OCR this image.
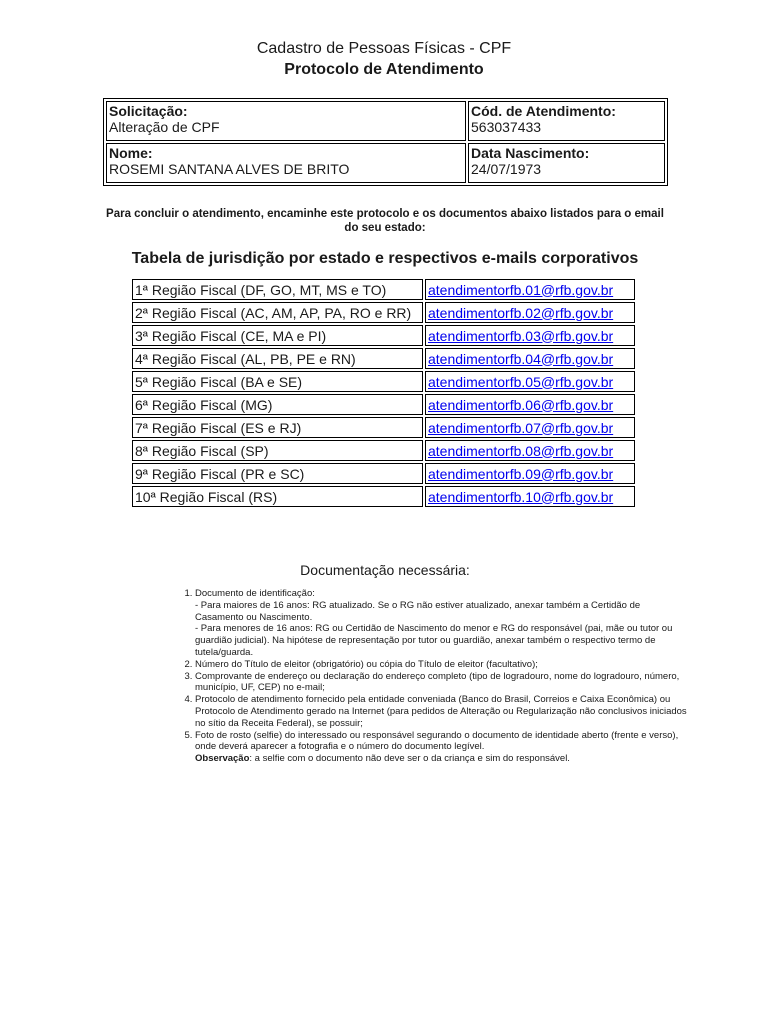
Cadastro de Pessoas Físicas - CPF
Protocolo de Atendimento
Solicitação:
Alteração de CPF	Cód. de Atendimento:
563037433

Nome:
ROSEMI SANTANA ALVES DE BRITO	Data Nascimento:
24/07/1973
Para concluir o atendimento, encaminhe este protocolo e os documentos abaixo listados para o email do seu estado:
Tabela de jurisdição por estado e respectivos e-mails corporativos
1ª Região Fiscal (DF, GO, MT, MS e TO)	atendimentorfb.01@rfb.gov.br
2ª Região Fiscal (AC, AM, AP, PA, RO e RR)	atendimentorfb.02@rfb.gov.br
3ª Região Fiscal (CE, MA e PI)	atendimentorfb.03@rfb.gov.br
4ª Região Fiscal (AL, PB, PE e RN)	atendimentorfb.04@rfb.gov.br
5ª Região Fiscal (BA e SE)	atendimentorfb.05@rfb.gov.br
6ª Região Fiscal (MG)	atendimentorfb.06@rfb.gov.br
7ª Região Fiscal (ES e RJ)	atendimentorfb.07@rfb.gov.br
8ª Região Fiscal (SP)	atendimentorfb.08@rfb.gov.br
9ª Região Fiscal (PR e SC)	atendimentorfb.09@rfb.gov.br
10ª Região Fiscal (RS)	atendimentorfb.10@rfb.gov.br
Documentação necessária:
1. Documento de identificação:
- Para maiores de 16 anos: RG atualizado. Se o RG não estiver atualizado, anexar também a Certidão de Casamento ou Nascimento.
- Para menores de 16 anos: RG ou Certidão de Nascimento do menor e RG do responsável (pai, mãe ou tutor ou guardião judicial). Na hipótese de representação por tutor ou guardião, anexar também o respectivo termo de tutela/guarda.
2. Número do Título de eleitor (obrigatório) ou cópia do Título de eleitor (facultativo);
3. Comprovante de endereço ou declaração do endereço completo (tipo de logradouro, nome do logradouro, número, município, UF, CEP) no e-mail;
4. Protocolo de atendimento fornecido pela entidade conveniada (Banco do Brasil, Correios e Caixa Econômica) ou Protocolo de Atendimento gerado na Internet (para pedidos de Alteração ou Regularização não conclusivos iniciados no sítio da Receita Federal), se possuir;
5. Foto de rosto (selfie) do interessado ou responsável segurando o documento de identidade aberto (frente e verso), onde deverá aparecer a fotografia e o número do documento legível.
Observação: a selfie com o documento não deve ser o da criança e sim do responsável.
